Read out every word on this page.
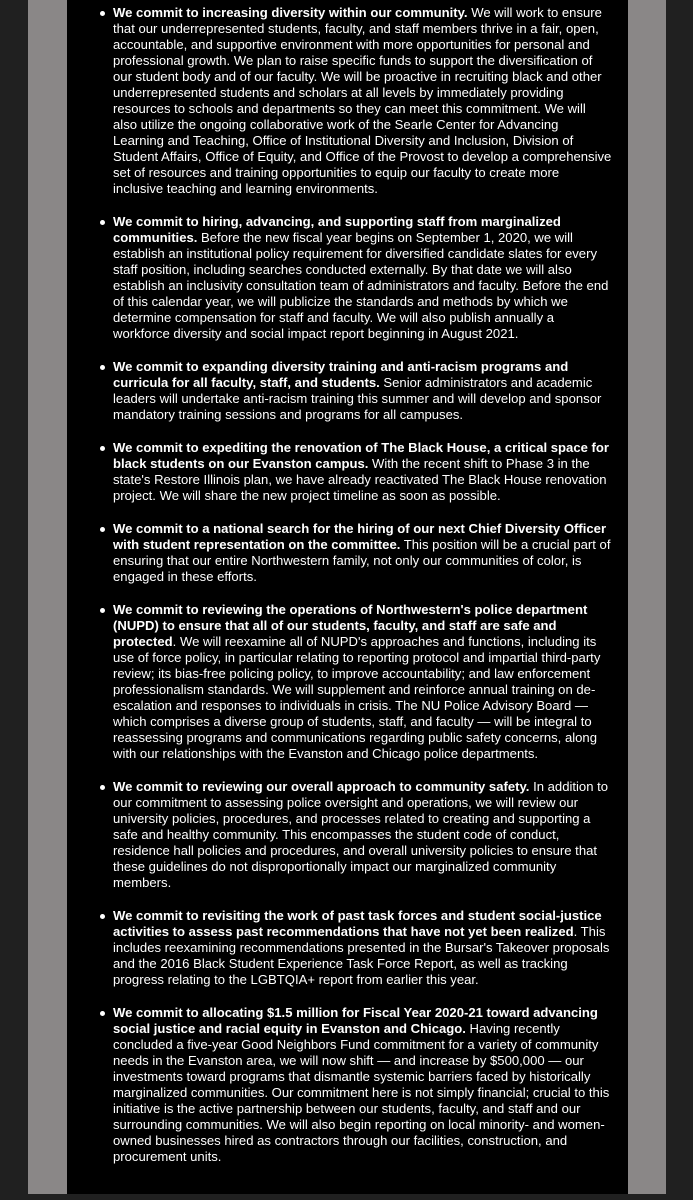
We commit to increasing diversity within our community. We will work to ensure that our underrepresented students, faculty, and staff members thrive in a fair, open, accountable, and supportive environment with more opportunities for personal and professional growth. We plan to raise specific funds to support the diversification of our student body and of our faculty. We will be proactive in recruiting black and other underrepresented students and scholars at all levels by immediately providing resources to schools and departments so they can meet this commitment. We will also utilize the ongoing collaborative work of the Searle Center for Advancing Learning and Teaching, Office of Institutional Diversity and Inclusion, Division of Student Affairs, Office of Equity, and Office of the Provost to develop a comprehensive set of resources and training opportunities to equip our faculty to create more inclusive teaching and learning environments.
We commit to hiring, advancing, and supporting staff from marginalized communities. Before the new fiscal year begins on September 1, 2020, we will establish an institutional policy requirement for diversified candidate slates for every staff position, including searches conducted externally. By that date we will also establish an inclusivity consultation team of administrators and faculty. Before the end of this calendar year, we will publicize the standards and methods by which we determine compensation for staff and faculty. We will also publish annually a workforce diversity and social impact report beginning in August 2021.
We commit to expanding diversity training and anti-racism programs and curricula for all faculty, staff, and students. Senior administrators and academic leaders will undertake anti-racism training this summer and will develop and sponsor mandatory training sessions and programs for all campuses.
We commit to expediting the renovation of The Black House, a critical space for black students on our Evanston campus. With the recent shift to Phase 3 in the state's Restore Illinois plan, we have already reactivated The Black House renovation project. We will share the new project timeline as soon as possible.
We commit to a national search for the hiring of our next Chief Diversity Officer with student representation on the committee. This position will be a crucial part of ensuring that our entire Northwestern family, not only our communities of color, is engaged in these efforts.
We commit to reviewing the operations of Northwestern's police department (NUPD) to ensure that all of our students, faculty, and staff are safe and protected. We will reexamine all of NUPD's approaches and functions, including its use of force policy, in particular relating to reporting protocol and impartial third-party review; its bias-free policing policy, to improve accountability; and law enforcement professionalism standards. We will supplement and reinforce annual training on de-escalation and responses to individuals in crisis. The NU Police Advisory Board — which comprises a diverse group of students, staff, and faculty — will be integral to reassessing programs and communications regarding public safety concerns, along with our relationships with the Evanston and Chicago police departments.
We commit to reviewing our overall approach to community safety. In addition to our commitment to assessing police oversight and operations, we will review our university policies, procedures, and processes related to creating and supporting a safe and healthy community. This encompasses the student code of conduct, residence hall policies and procedures, and overall university policies to ensure that these guidelines do not disproportionally impact our marginalized community members.
We commit to revisiting the work of past task forces and student social-justice activities to assess past recommendations that have not yet been realized. This includes reexamining recommendations presented in the Bursar's Takeover proposals and the 2016 Black Student Experience Task Force Report, as well as tracking progress relating to the LGBTQIA+ report from earlier this year.
We commit to allocating $1.5 million for Fiscal Year 2020-21 toward advancing social justice and racial equity in Evanston and Chicago. Having recently concluded a five-year Good Neighbors Fund commitment for a variety of community needs in the Evanston area, we will now shift — and increase by $500,000 — our investments toward programs that dismantle systemic barriers faced by historically marginalized communities. Our commitment here is not simply financial; crucial to this initiative is the active partnership between our students, faculty, and staff and our surrounding communities. We will also begin reporting on local minority- and women-owned businesses hired as contractors through our facilities, construction, and procurement units.
